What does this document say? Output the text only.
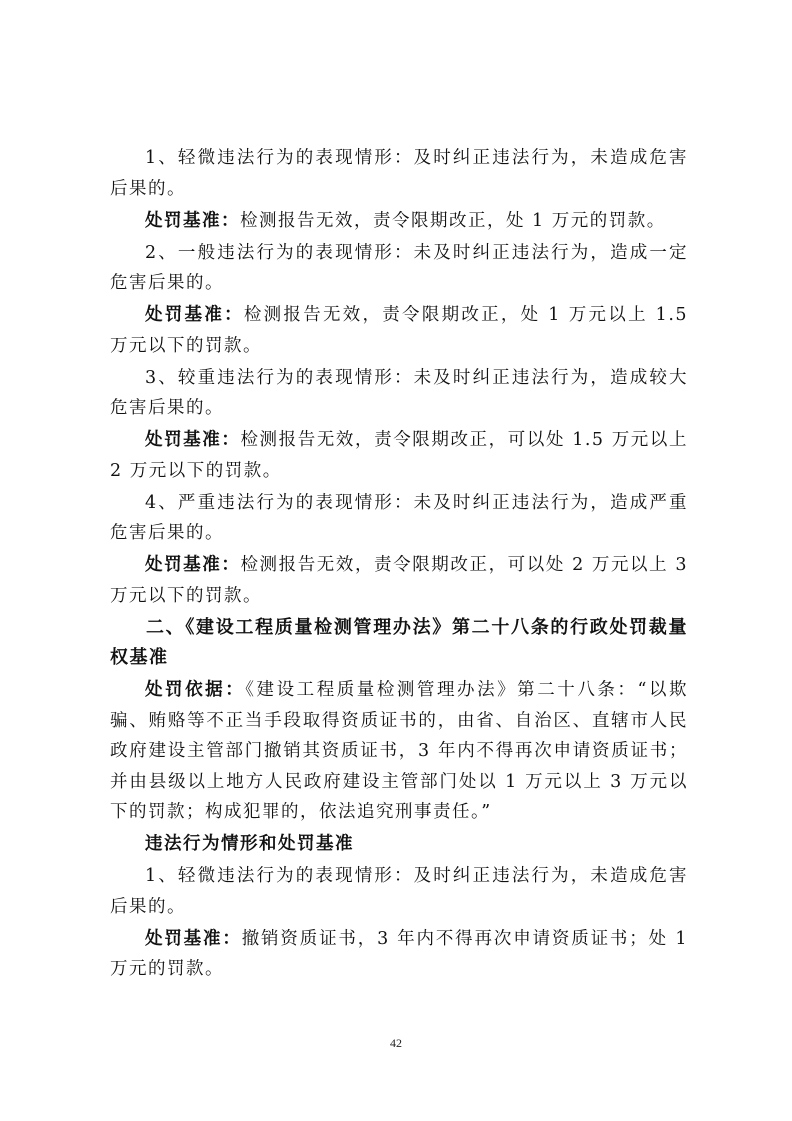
1、轻微违法行为的表现情形：及时纠正违法行为，未造成危害后果的。

处罚基准：检测报告无效，责令限期改正，处 1 万元的罚款。

2、一般违法行为的表现情形：未及时纠正违法行为，造成一定危害后果的。

处罚基准：检测报告无效，责令限期改正，处 1 万元以上 1.5 万元以下的罚款。

3、较重违法行为的表现情形：未及时纠正违法行为，造成较大危害后果的。

处罚基准：检测报告无效，责令限期改正，可以处 1.5 万元以上 2 万元以下的罚款。

4、严重违法行为的表现情形：未及时纠正违法行为，造成严重危害后果的。

处罚基准：检测报告无效，责令限期改正，可以处 2 万元以上 3 万元以下的罚款。

二、《建设工程质量检测管理办法》第二十八条的行政处罚裁量权基准

处罚依据：《建设工程质量检测管理办法》第二十八条：“以欺骗、贿赂等不正当手段取得资质证书的，由省、自治区、直辖市人民政府建设主管部门撤销其资质证书，3 年内不得再次申请资质证书；并由县级以上地方人民政府建设主管部门处以 1 万元以上 3 万元以下的罚款；构成犯罪的，依法追究刑事责任。”

违法行为情形和处罚基准

1、轻微违法行为的表现情形：及时纠正违法行为，未造成危害后果的。

处罚基准：撤销资质证书，3 年内不得再次申请资质证书；处 1 万元的罚款。

42
